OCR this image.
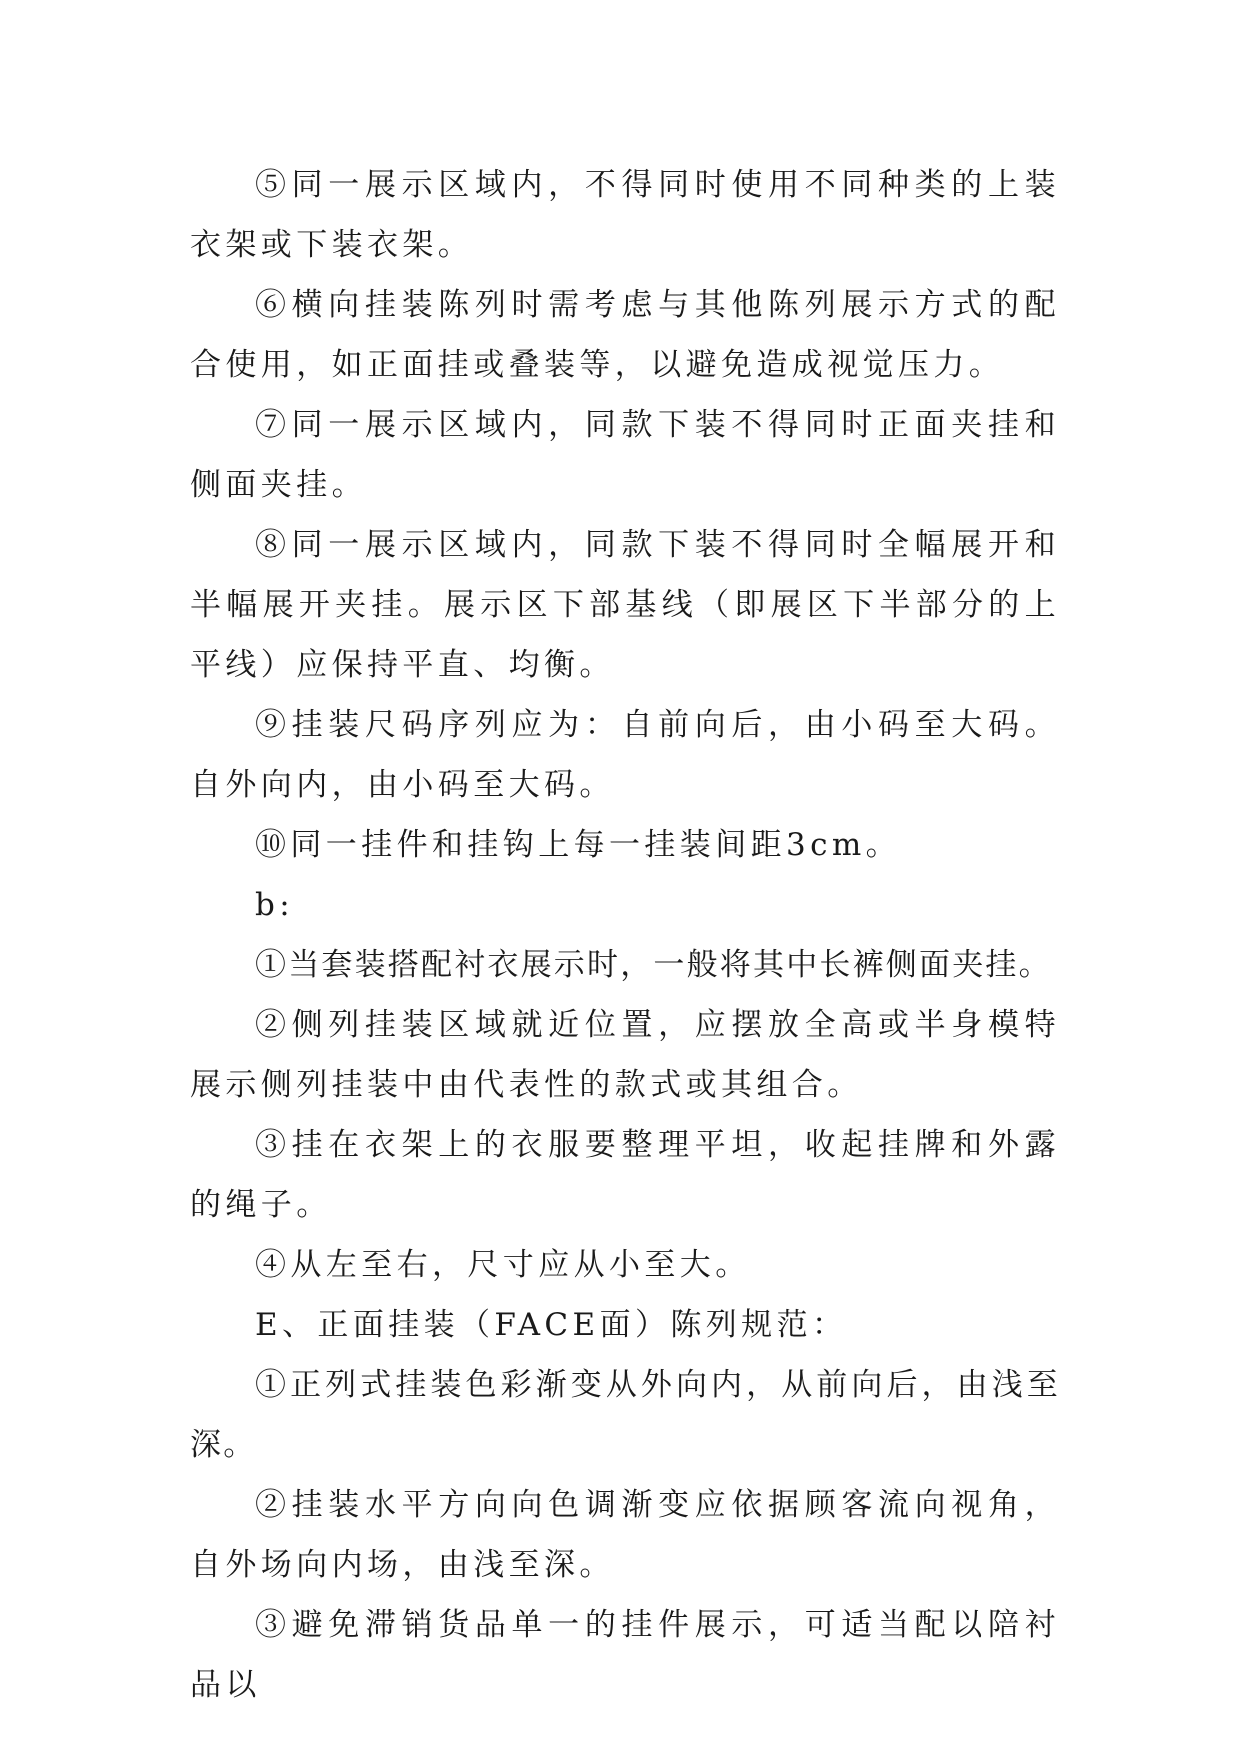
⑤同一展示区域内，不得同时使用不同种类的上装衣架或下装衣架。

⑥横向挂装陈列时需考虑与其他陈列展示方式的配合使用，如正面挂或叠装等，以避免造成视觉压力。

⑦同一展示区域内，同款下装不得同时正面夹挂和侧面夹挂。

⑧同一展示区域内，同款下装不得同时全幅展开和半幅展开夹挂。展示区下部基线（即展区下半部分的上平线）应保持平直、均衡。

⑨挂装尺码序列应为：自前向后，由小码至大码。自外向内，由小码至大码。

⑩同一挂件和挂钩上每一挂装间距3cm。

b:

①当套装搭配衬衣展示时，一般将其中长裤侧面夹挂。

②侧列挂装区域就近位置，应摆放全高或半身模特展示侧列挂装中由代表性的款式或其组合。

③挂在衣架上的衣服要整理平坦，收起挂牌和外露的绳子。

④从左至右，尺寸应从小至大。

E、正面挂装（FACE面）陈列规范：

①正列式挂装色彩渐变从外向内，从前向后，由浅至深。

②挂装水平方向向色调渐变应依据顾客流向视角，自外场向内场，由浅至深。

③避免滞销货品单一的挂件展示，可适当配以陪衬品以
